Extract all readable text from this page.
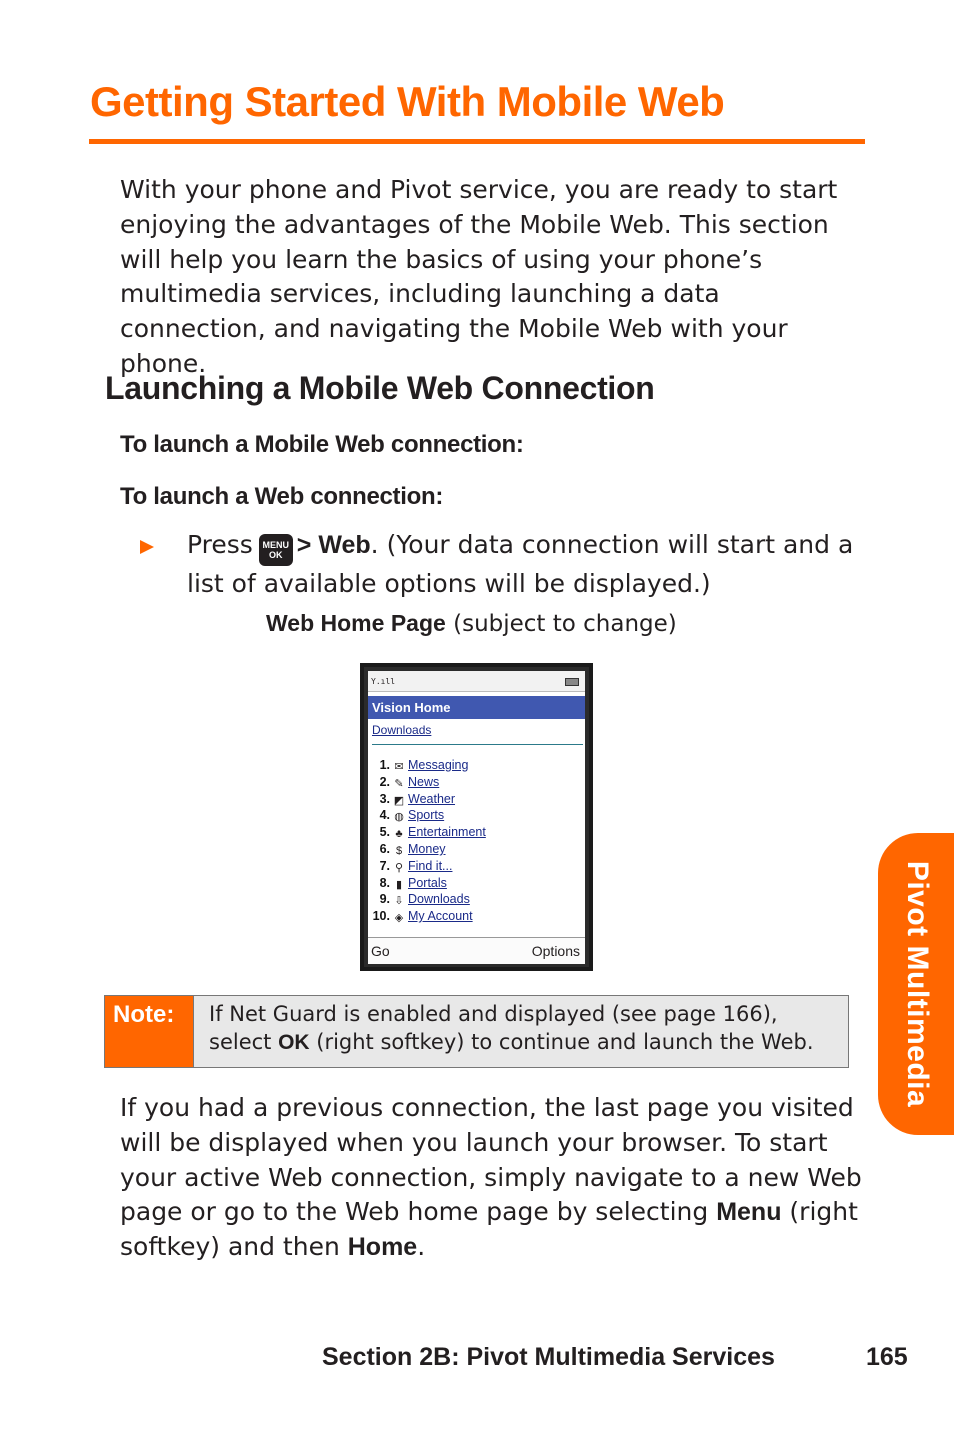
Getting Started With Mobile Web

With your phone and Pivot service, you are ready to start enjoying the advantages of the Mobile Web. This section will help you learn the basics of using your phone’s multimedia services, including launching a data connection, and navigating the Mobile Web with your phone.

Launching a Mobile Web Connection

To launch a Mobile Web connection:

To launch a Web connection:

Press	MENU
OK > Web. (Your data connection will start and a list of available options will be displayed.)

Web Home Page (subject to change)

Y.ıll
Vision Home
Downloads
1. ✉ Messaging
2. ✎ News
3. ◩ Weather
4. ◍ Sports
5. ♣ Entertainment
6. $ Money
7. ⚲ Find it...
8. ▮ Portals
9. ⇩ Downloads
10. ◈ My Account
Go	Options
Note:	If Net Guard is enabled and displayed (see page 166), select OK (right softkey) to continue and launch the Web.

If you had a previous connection, the last page you visited will be displayed when you launch your browser. To start your active Web connection, simply navigate to a new Web page or go to the Web home page by selecting Menu (right softkey) and then Home.

Pivot Multimedia
Section 2B: Pivot Multimedia Services	165
